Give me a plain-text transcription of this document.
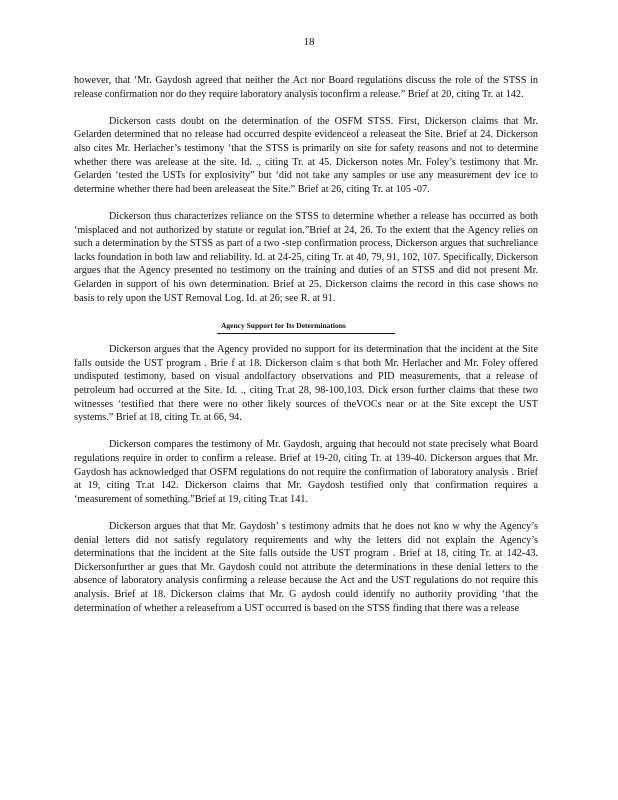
18

however, that ‘Mr. Gaydosh agreed that neither the Act nor Board regulations discuss the role of the STSS in release confirmation nor do they require laboratory analysis toconfirm a release.” Brief at 20, citing Tr. at 142.

Dickerson casts doubt on the determination of the OSFM STSS. First, Dickerson claims that Mr. Gelarden determined that no release had occurred despite evidenceof a releaseat the Site. Brief at 24. Dickerson also cites Mr. Herlacher’s testimony ‘that the STSS is primarily on site for safety reasons and not to determine whether there was arelease at the site. Id. ., citing Tr. at 45. Dickerson notes Mr. Foley’s testimony that Mr. Gelarden ‘tested the USTs for explosivity” but ‘did not take any samples or use any measurement dev ice to determine whether there had been areleaseat the Site.” Brief at 26, citing Tr. at 105 -07.

Dickerson thus characterizes reliance on the STSS to determine whether a release has occurred as both ‘misplaced and not authorized by statute or regulat ion.”Brief at 24, 26. To the extent that the Agency relies on such a determination by the STSS as part of a two -step confirmation process, Dickerson argues that suchreliance lacks foundation in both law and reliability. Id. at 24-25, citing Tr. at 40, 79, 91, 102, 107. Specifically, Dickerson argues that the Agency presented no testimony on the training and duties of an STSS and did not present Mr. Gelarden in support of his own determination. Brief at 25. Dickerson claims the record in this case shows no basis to rely upon the UST Removal Log. Id. at 26; see R. at 91.

Agency Support for Its Determinations

Dickerson argues that the Agency provided no support for its determination that the incident at the Site falls outside the UST program . Brie f at 18. Dickerson claim s that both Mr. Herlacher and Mr. Foley offered undisputed testimony, based on visual andolfactory observations and PID measurements, that a release of petroleum had occurred at the Site. Id. ., citing Tr.at 28, 98-100,103. Dick erson further claims that these two witnesses ‘testified that there were no other likely sources of theVOCs near or at the Site except the UST systems.” Brief at 18, citing Tr. at 66, 94.

Dickerson compares the testimony of Mr. Gaydosh, arguing that hecould not state precisely what Board regulations require in order to confirm a release. Brief at 19-20, citing Tr. at 139-40. Dickerson argues that Mr. Gaydosh has acknowledged that OSFM regulations do not require the confirmation of laboratory analysis . Brief at 19, citing Tr.at 142. Dickerson claims that Mr. Gaydosh testified only that confirmation requires a ‘measurement of something.”Brief at 19, citing Tr.at 141.

Dickerson argues that that Mr. Gaydosh’ s testimony admits that he does not kno w why the Agency’s denial letters did not satisfy regulatory requirements and why the letters did not explain the Agency’s determinations that the incident at the Site falls outside the UST program . Brief at 18, citing Tr. at 142-43. Dickersonfurther ar gues that Mr. Gaydosh could not attribute the determinations in these denial letters to the absence of laboratory analysis confirming a release because the Act and the UST regulations do not require this analysis. Brief at 18. Dickerson claims that Mr. G aydosh could identify no authority providing ‘that the determination of whether a releasefrom a UST occurred is based on the STSS finding that there was a release
